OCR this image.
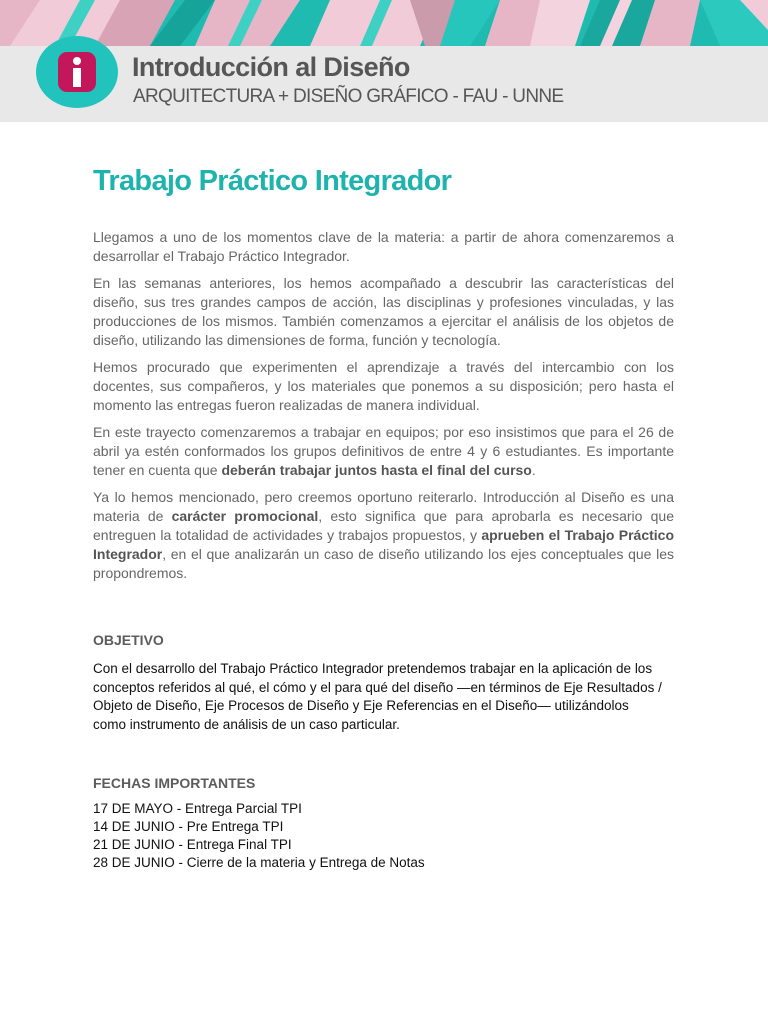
Introducción al Diseño
ARQUITECTURA + DISEÑO GRÁFICO - FAU - UNNE
Trabajo Práctico Integrador

Llegamos a uno de los momentos clave de la materia: a partir de ahora comenzaremos a desarrollar el Trabajo Práctico Integrador.

En las semanas anteriores, los hemos acompañado a descubrir las características del diseño, sus tres grandes campos de acción, las disciplinas y profesiones vinculadas, y las producciones de los mismos. También comenzamos a ejercitar el análisis de los objetos de diseño, utilizando las dimensiones de forma, función y tecnología.

Hemos procurado que experimenten el aprendizaje a través del intercambio con los docentes, sus compañeros, y los materiales que ponemos a su disposición; pero hasta el momento las entregas fueron realizadas de manera individual.

En este trayecto comenzaremos a trabajar en equipos; por eso insistimos que para el 26 de abril ya estén conformados los grupos definitivos de entre 4 y 6 estudiantes. Es importante tener en cuenta que deberán trabajar juntos hasta el final del curso.

Ya lo hemos mencionado, pero creemos oportuno reiterarlo. Introducción al Diseño es una materia de carácter promocional, esto significa que para aprobarla es necesario que entreguen la totalidad de actividades y trabajos propuestos, y aprueben el Trabajo Práctico Integrador, en el que analizarán un caso de diseño utilizando los ejes conceptuales que les propondremos.

OBJETIVO

Con el desarrollo del Trabajo Práctico Integrador pretendemos trabajar en la aplicación de los conceptos referidos al qué, el cómo y el para qué del diseño —en términos de Eje Resultados / Objeto de Diseño, Eje Procesos de Diseño y Eje Referencias en el Diseño— utilizándolos como instrumento de análisis de un caso particular.

FECHAS IMPORTANTES
17 DE MAYO - Entrega Parcial TPI
14 DE JUNIO - Pre Entrega TPI
21 DE JUNIO - Entrega Final TPI
28 DE JUNIO - Cierre de la materia y Entrega de Notas
